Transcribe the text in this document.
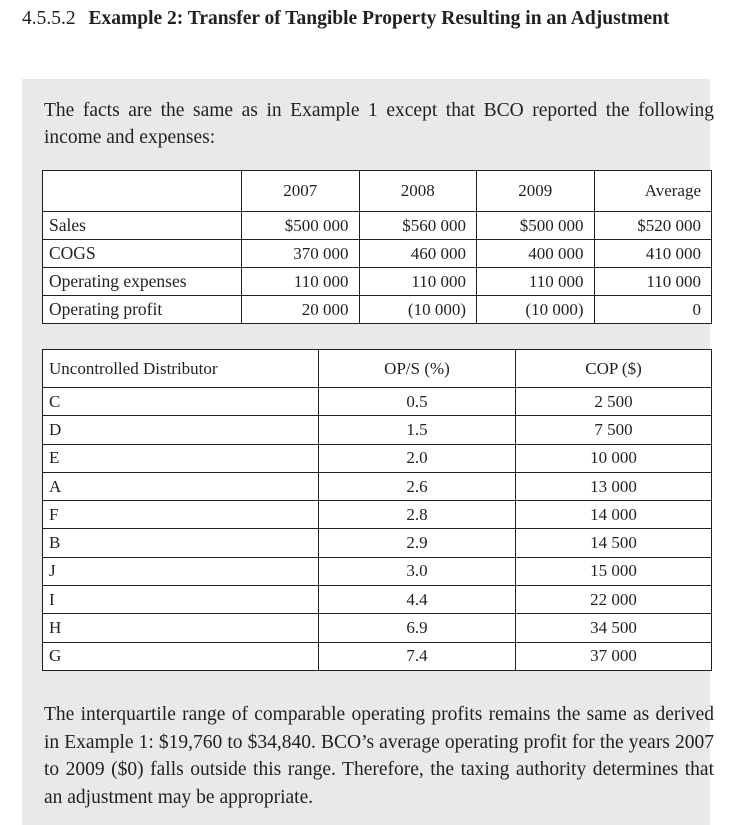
4.5.5.2 Example 2: Transfer of Tangible Property Resulting in an Adjustment
The facts are the same as in Example 1 except that BCO reported the following income and expenses:
	2007	2008	2009	Average
Sales	$500 000	$560 000	$500 000	$520 000
COGS	370 000	460 000	400 000	410 000
Operating expenses	110 000	110 000	110 000	110 000
Operating profit	20 000	(10 000)	(10 000)	0
Uncontrolled Distributor	OP/S (%)	COP ($)
C	0.5	2 500
D	1.5	7 500
E	2.0	10 000
A	2.6	13 000
F	2.8	14 000
B	2.9	14 500
J	3.0	15 000
I	4.4	22 000
H	6.9	34 500
G	7.4	37 000
The interquartile range of comparable operating profits remains the same as derived in Example 1: $19,760 to $34,840. BCO’s average operating profit for the years 2007 to 2009 ($0) falls outside this range. Therefore, the taxing authority determines that an adjustment may be appropriate.
